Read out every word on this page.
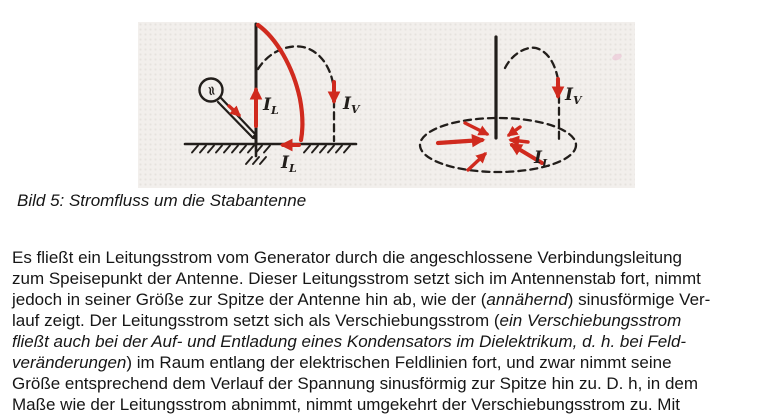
≈
$I_L$	$I_V$
$I_L$
$I_V$
$I_L$
Bild 5: Stromfluss um die Stabantenne
Es fließt ein Leitungsstrom vom Generator durch die angeschlossene Verbindungsleitung
zum Speisepunkt der Antenne. Dieser Leitungsstrom setzt sich im Antennenstab fort, nimmt
jedoch in seiner Größe zur Spitze der Antenne hin ab, wie der (annähernd) sinusförmige Ver-
lauf zeigt. Der Leitungsstrom setzt sich als Verschiebungsstrom (ein Verschiebungsstrom
fließt auch bei der Auf- und Entladung eines Kondensators im Dielektrikum, d. h. bei Feld-
veränderungen) im Raum entlang der elektrischen Feldlinien fort, und zwar nimmt seine
Größe entsprechend dem Verlauf der Spannung sinusförmig zur Spitze hin zu. D. h, in dem
Maße wie der Leitungsstrom abnimmt, nimmt umgekehrt der Verschiebungsstrom zu. Mit
